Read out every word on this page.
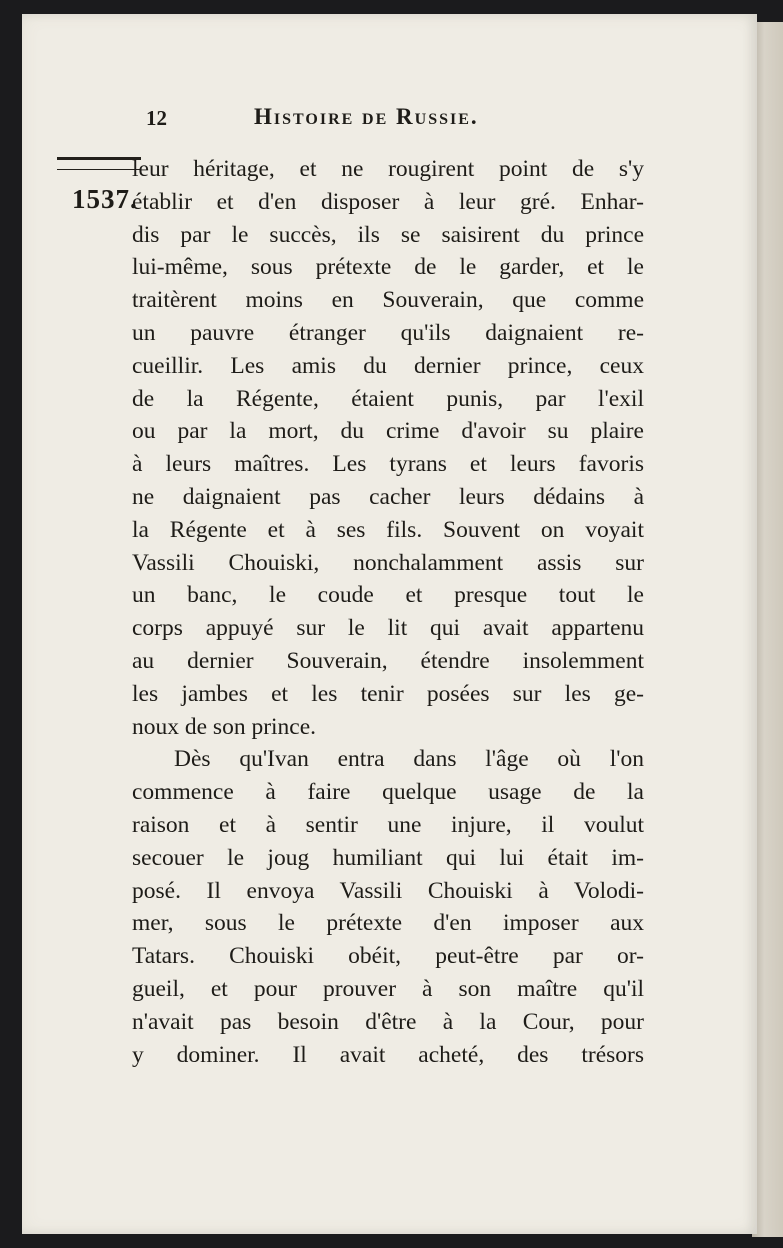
12	Histoire de Russie.
1537.
leur héritage, et ne rougirent point de s'y
établir et d'en disposer à leur gré. Enhar-
dis par le succès, ils se saisirent du prince
lui-même, sous prétexte de le garder, et le
traitèrent moins en Souverain, que comme
un pauvre étranger qu'ils daignaient re-
cueillir. Les amis du dernier prince, ceux
de la Régente, étaient punis, par l'exil
ou par la mort, du crime d'avoir su plaire
à leurs maîtres. Les tyrans et leurs favoris
ne daignaient pas cacher leurs dédains à
la Régente et à ses fils. Souvent on voyait
Vassili Chouiski, nonchalamment assis sur
un banc, le coude et presque tout le
corps appuyé sur le lit qui avait appartenu
au dernier Souverain, étendre insolemment
les jambes et les tenir posées sur les ge-
noux de son prince.
Dès qu'Ivan entra dans l'âge où l'on
commence à faire quelque usage de la
raison et à sentir une injure, il voulut
secouer le joug humiliant qui lui était im-
posé. Il envoya Vassili Chouiski à Volodi-
mer, sous le prétexte d'en imposer aux
Tatars. Chouiski obéit, peut-être par or-
gueil, et pour prouver à son maître qu'il
n'avait pas besoin d'être à la Cour, pour
y dominer. Il avait acheté, des trésors
